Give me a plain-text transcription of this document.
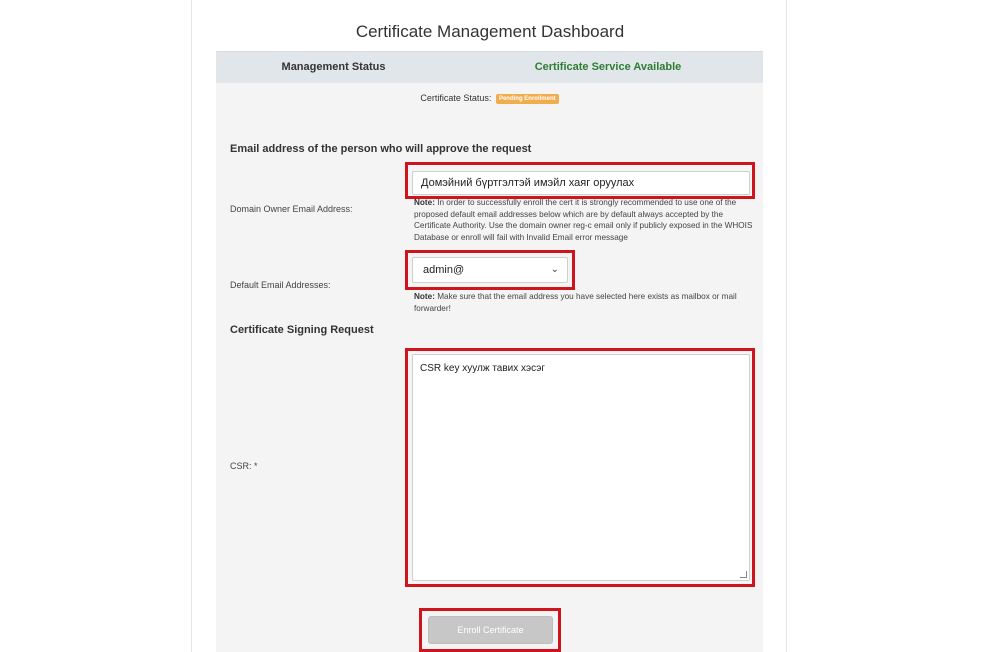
Certificate Management Dashboard
Management Status	Certificate Service Available
Certificate Status: Pending Enrollment
Email address of the person who will approve the request
Domain Owner Email Address:
Домэйний бүртгэлтэй имэйл хаяг оруулах
Note: In order to successfully enroll the cert it is strongly recommended to use one of the proposed default email addresses below which are by default always accepted by the Certificate Authority. Use the domain owner reg-c email only if publicly exposed in the WHOIS Database or enroll will fail with Invalid Email error message
Default Email Addresses:
admin@	⌄
Note: Make sure that the email address you have selected here exists as mailbox or mail forwarder!
Certificate Signing Request
CSR: *
CSR key хуулж тавих хэсэг
Enroll Certificate
